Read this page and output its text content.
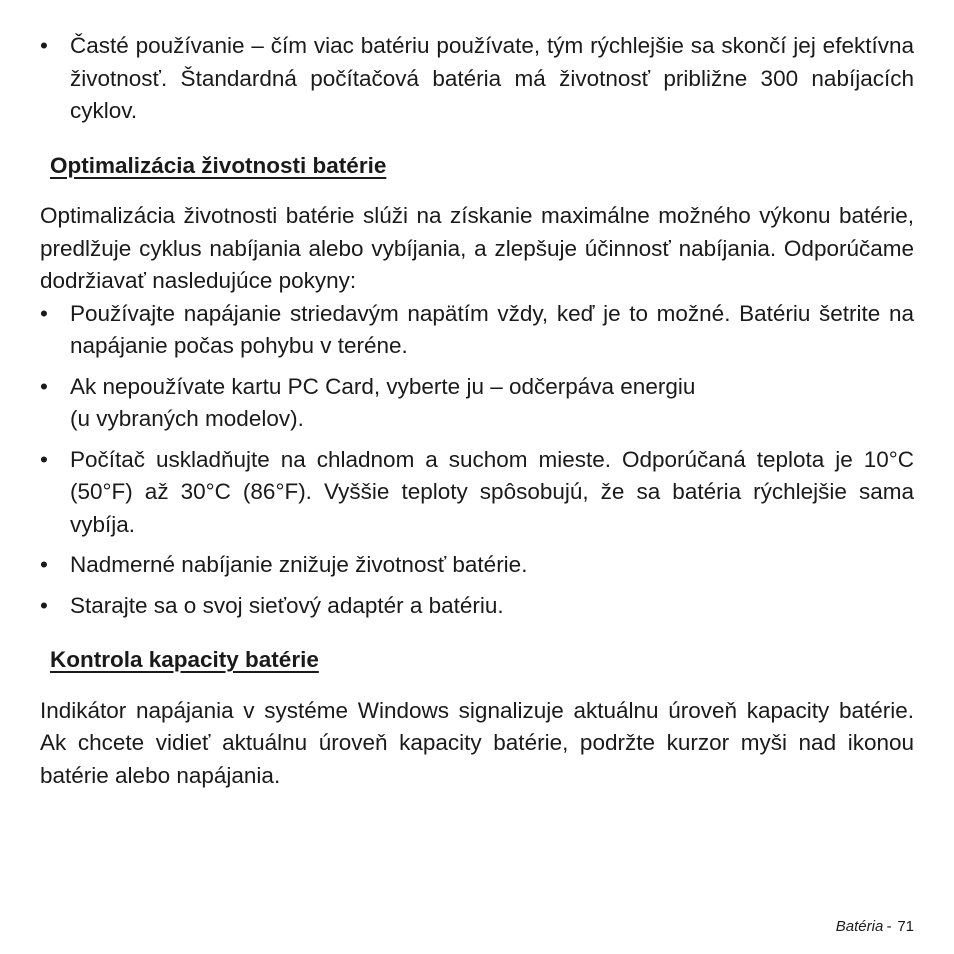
• Časté používanie – čím viac batériu používate, tým rýchlejšie sa skončí jej efektívna životnosť. Štandardná počítačová batéria má životnosť približne 300 nabíjacích cyklov.
Optimalizácia životnosti batérie

Optimalizácia životnosti batérie slúži na získanie maximálne možného výkonu batérie, predlžuje cyklus nabíjania alebo vybíjania, a zlepšuje účinnosť nabíjania. Odporúčame dodržiavať nasledujúce pokyny:

• Používajte napájanie striedavým napätím vždy, keď je to možné. Batériu šetrite na napájanie počas pohybu v teréne.
• Ak nepoužívate kartu PC Card, vyberte ju – odčerpáva energiu
(u vybraných modelov).
• Počítač uskladňujte na chladnom a suchom mieste. Odporúčaná teplota je 10°C (50°F) až 30°C (86°F). Vyššie teploty spôsobujú, že sa batéria rýchlejšie sama vybíja.
• Nadmerné nabíjanie znižuje životnosť batérie.
• Starajte sa o svoj sieťový adaptér a batériu.
Kontrola kapacity batérie

Indikátor napájania v systéme Windows signalizuje aktuálnu úroveň kapacity batérie. Ak chcete vidieť aktuálnu úroveň kapacity batérie, podržte kurzor myši nad ikonou batérie alebo napájania.

Batéria - 71
